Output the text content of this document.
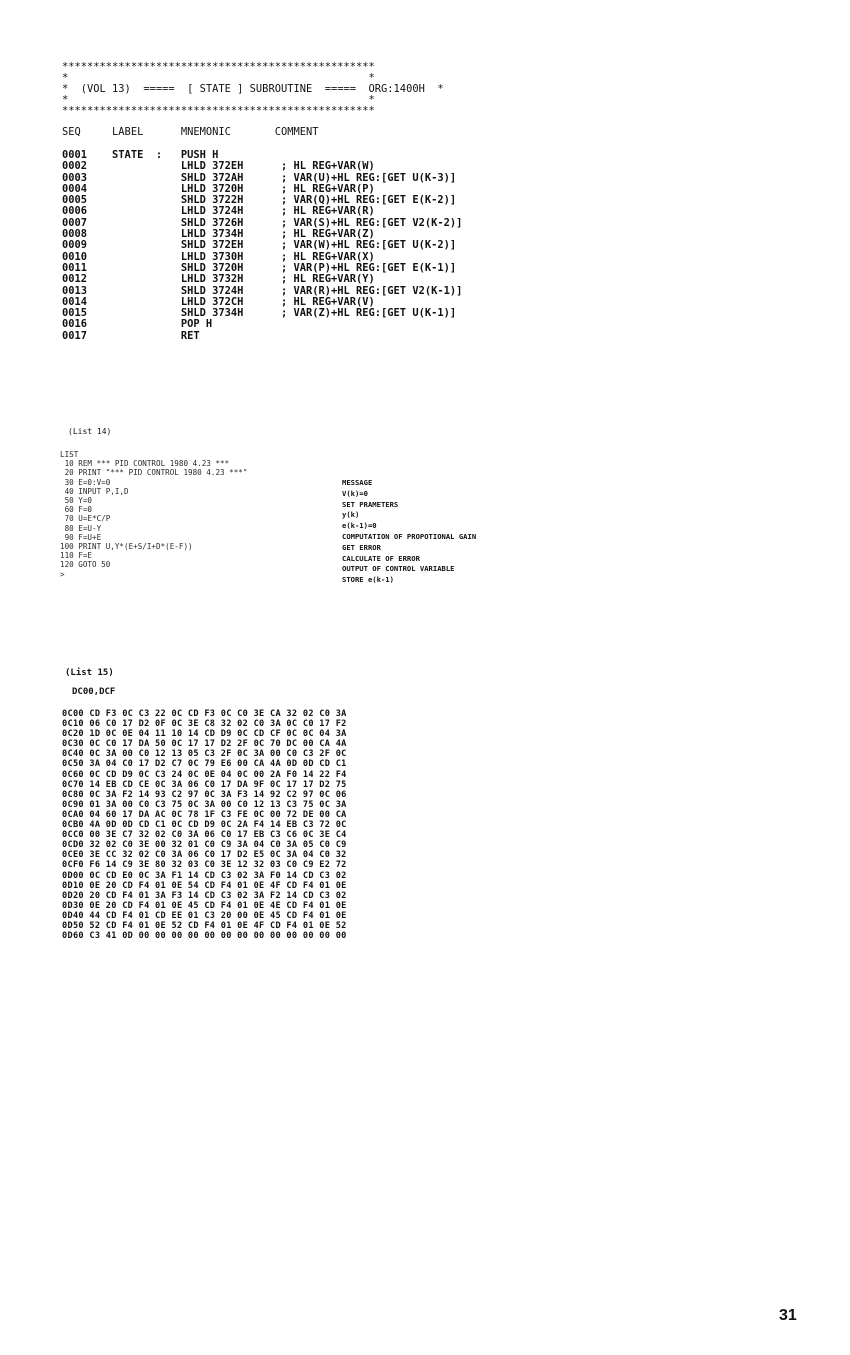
**************************************************
*                                                *
*  (VOL 13)  =====  [ STATE ] SUBROUTINE  =====  ORG:1400H  *
*                                                *
**************************************************
SEQ     LABEL      MNEMONIC       COMMENT
0001    STATE  :   PUSH H
0002               LHLD 372EH      ; HL REG+VAR(W)
0003               SHLD 372AH      ; VAR(U)+HL REG:[GET U(K-3)]
0004               LHLD 3720H      ; HL REG+VAR(P)
0005               SHLD 3722H      ; VAR(Q)+HL REG:[GET E(K-2)]
0006               LHLD 3724H      ; HL REG+VAR(R)
0007               SHLD 3726H      ; VAR(S)+HL REG:[GET V2(K-2)]
0008               LHLD 3734H      ; HL REG+VAR(Z)
0009               SHLD 372EH      ; VAR(W)+HL REG:[GET U(K-2)]
0010               LHLD 3730H      ; HL REG+VAR(X)
0011               SHLD 3720H      ; VAR(P)+HL REG:[GET E(K-1)]
0012               LHLD 3732H      ; HL REG+VAR(Y)
0013               SHLD 3724H      ; VAR(R)+HL REG:[GET V2(K-1)]
0014               LHLD 372CH      ; HL REG+VAR(V)
0015               SHLD 3734H      ; VAR(Z)+HL REG:[GET U(K-1)]
0016               POP H
0017               RET
(List 14)
LIST
10 REM *** PID CONTROL 1980 4.23 ***
20 PRINT "*** PID CONTROL 1980 4.23 ***"
30 E=0:V=0
40 INPUT P,I,D
50 Y=0
60 F=0
70 U=E*C/P
80 E=U-Y
90 F=U+E
100 PRINT U,Y*(E+S/I+D*(E-F))
110 F=E
120 GOTO 50
>
MESSAGE
V(k)=0
SET PRAMETERS
y(k)
e(k-1)=0
COMPUTATION OF PROPOTIONAL GAIN
GET ERROR
CALCULATE OF ERROR
OUTPUT OF CONTROL VARIABLE
STORE e(k-1)
(List 15)
DC00,DCF
0C00 CD F3 0C C3 22 0C CD F3 0C C0 3E CA 32 02 C0 3A
0C10 06 C0 17 D2 0F 0C 3E C8 32 02 C0 3A 0C C0 17 F2
0C20 1D 0C 0E 04 11 10 14 CD D9 0C CD CF 0C 0C 04 3A
0C30 0C C0 17 DA 50 0C 17 17 D2 2F 0C 70 DC 00 CA 4A
0C40 0C 3A 00 C0 12 13 05 C3 2F 0C 3A 00 C0 C3 2F 0C
0C50 3A 04 C0 17 D2 C7 0C 79 E6 00 CA 4A 0D 0D CD C1
0C60 0C CD D9 0C C3 24 0C 0E 04 0C 00 2A F0 14 22 F4
0C70 14 EB CD CE 0C 3A 06 C0 17 DA 9F 0C 17 17 D2 75
0C80 0C 3A F2 14 93 C2 97 0C 3A F3 14 92 C2 97 0C 06
0C90 01 3A 00 C0 C3 75 0C 3A 00 C0 12 13 C3 75 0C 3A
0CA0 04 60 17 DA AC 0C 78 1F C3 FE 0C 00 72 DE 00 CA
0CB0 4A 0D 0D CD C1 0C CD D9 0C 2A F4 14 EB C3 72 0C
0CC0 00 3E C7 32 02 C0 3A 06 C0 17 EB C3 C6 0C 3E C4
0CD0 32 02 C0 3E 00 32 01 C0 C9 3A 04 C0 3A 05 C0 C9
0CE0 3E CC 32 02 C0 3A 06 C0 17 D2 E5 0C 3A 04 C0 32
0CF0 F6 14 C9 3E 80 32 03 C0 3E 12 32 03 C0 C9 E2 72
0D00 0C CD E0 0C 3A F1 14 CD C3 02 3A F0 14 CD C3 02
0D10 0E 20 CD F4 01 0E 54 CD F4 01 0E 4F CD F4 01 0E
0D20 20 CD F4 01 3A F3 14 CD C3 02 3A F2 14 CD C3 02
0D30 0E 20 CD F4 01 0E 45 CD F4 01 0E 4E CD F4 01 0E
0D40 44 CD F4 01 CD EE 01 C3 20 00 0E 45 CD F4 01 0E
0D50 52 CD F4 01 0E 52 CD F4 01 0E 4F CD F4 01 0E 52
0D60 C3 41 0D 00 00 00 00 00 00 00 00 00 00 00 00 00
31
